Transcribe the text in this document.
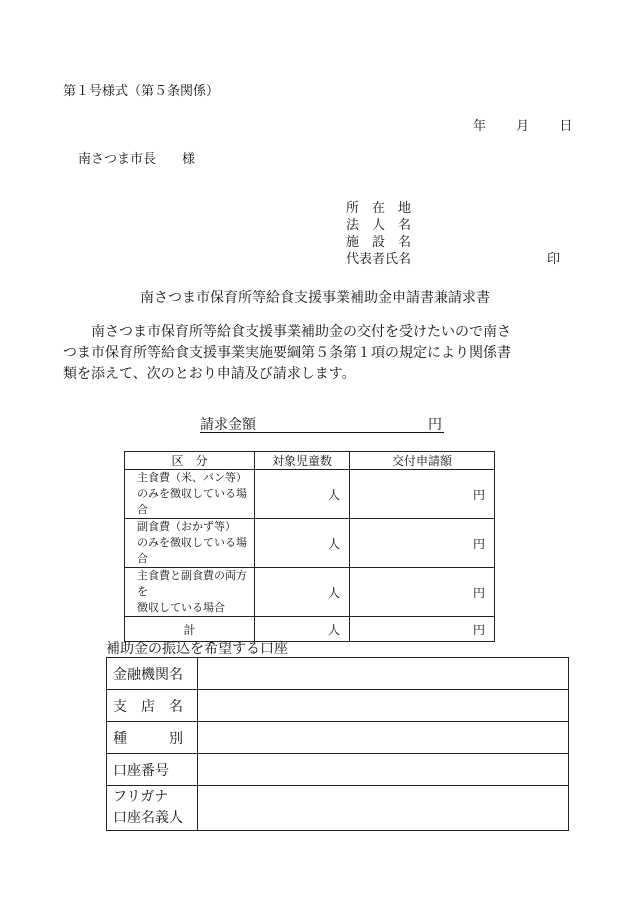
第１号様式（第５条関係）
年 月 日
南さつま市長　　様
所　在　地
法　人　名
施　設　名
代表者氏名	印
南さつま市保育所等給食支援事業補助金申請書兼請求書
南さつま市保育所等給食支援事業補助金の交付を受けたいので南さつま市保育所等給食支援事業実施要綱第５条第１項の規定により関係書類を添えて、次のとおり申請及び請求します。
請求金額	円
区　分	対象児童数	交付申請額

主食費（米、パン等）
のみを徴収している場合	人	円

副食費（おかず等）
のみを徴収している場合	人	円

主食費と副食費の両方を
徴収している場合	人	円
計	人	円
補助金の振込を希望する口座
金融機関名	
支　店　名	
種　　　別	
口座番号	

フリガナ
口座名義人	
